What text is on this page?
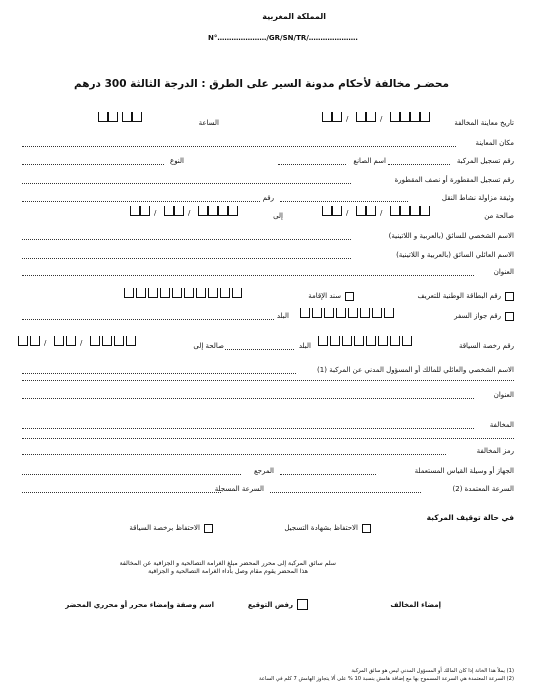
المملكة المغربية
N°…………………/GR/SN/TR/…………………
محضـر مخالفة لأحكام مدونة السير على الطرق : الدرجة الثالثة 300 درهم
تاريخ معاينة المخالفة
/	/
الساعة
مكان المعاينة
رقم تسجيل المركبة
اسم الصانع
النوع
رقم تسجيل المقطورة أو نصف المقطورة
وثيقة مزاولة نشاط النقل
رقم
صالحة من
/	/
إلى
/	/
الاسم الشخصي للسائق (بالعربية و اللاتينية)
الاسم العائلي السائق (بالعربية و اللاتينية)
العنوان
رقم البطاقة الوطنية للتعريف
سند الإقامة
رقم جواز السفر
البلد
رقم رخصة السياقة
البلد
صالحة إلى
/	/
الاسم الشخصي والعائلي للمالك أو المسؤول المدني عن المركبة (1)
العنوان
المخالفة
رمز المخالفة
الجهاز أو وسيلة القياس المستعملة
المرجع
السرعة المعتمدة (2)
السرعة المسجلة
في حالة توقيف المركبة
الاحتفاظ بشهادة التسجيل
الاحتفاظ برخصة السياقة
سلم سائق المركبة إلى محرر المحضر مبلغ الغرامة التصالحية و الجزافية عن المخالفة
هذا المحضر يقوم مقام وصل بأداء الغرامة التصالحية و الجزافية
إمضاء المخالف
رفض التوقيع
اسم وصفة وإمضاء محرر أو محرري المحضر
(1) يملأ هذا الخانة إذا كان المالك أو المسؤول المدني ليس هو سائق المركبة
(2) السرعة المعتمدة هي السرعة المسموح بها مع إضافة هامش بنسبة 10 % على ألا يتجاوز الهامش 7 كلم في الساعة
